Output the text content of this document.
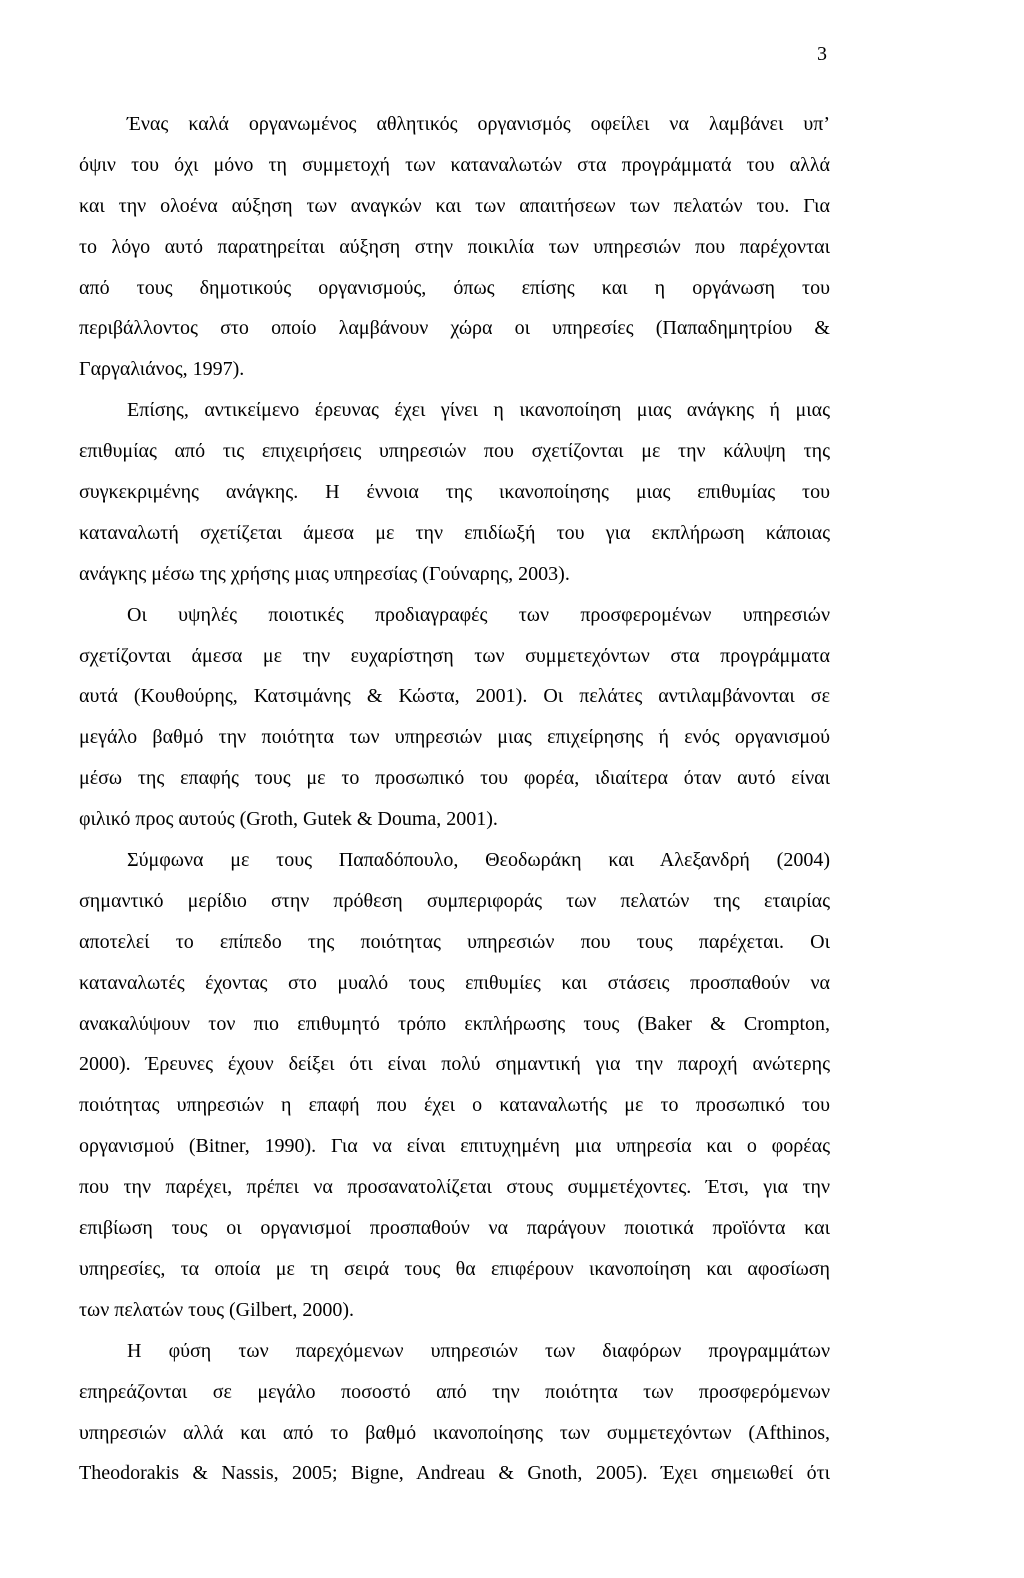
3
Ένας καλά οργανωμένος αθλητικός οργανισμός οφείλει να λαμβάνει υπ’
όψιν του όχι μόνο τη συμμετοχή των καταναλωτών στα προγράμματά του αλλά
και την ολοένα αύξηση των αναγκών και των απαιτήσεων των πελατών του. Για
το λόγο αυτό παρατηρείται αύξηση στην ποικιλία των υπηρεσιών που παρέχονται
από τους δημοτικούς οργανισμούς, όπως επίσης και η οργάνωση του
περιβάλλοντος στο οποίο λαμβάνουν χώρα οι υπηρεσίες (Παπαδημητρίου &
Γαργαλιάνος, 1997).
Επίσης, αντικείμενο έρευνας έχει γίνει η ικανοποίηση μιας ανάγκης ή μιας
επιθυμίας από τις επιχειρήσεις υπηρεσιών που σχετίζονται με την κάλυψη της
συγκεκριμένης ανάγκης. Η έννοια της ικανοποίησης μιας επιθυμίας του
καταναλωτή σχετίζεται άμεσα με την επιδίωξή του για εκπλήρωση κάποιας
ανάγκης μέσω της χρήσης μιας υπηρεσίας (Γούναρης, 2003).
Οι υψηλές ποιοτικές προδιαγραφές των προσφερομένων υπηρεσιών
σχετίζονται άμεσα με την ευχαρίστηση των συμμετεχόντων στα προγράμματα
αυτά (Κουθούρης, Κατσιμάνης & Κώστα, 2001). Οι πελάτες αντιλαμβάνονται σε
μεγάλο βαθμό την ποιότητα των υπηρεσιών μιας επιχείρησης ή ενός οργανισμού
μέσω της επαφής τους με το προσωπικό του φορέα, ιδιαίτερα όταν αυτό είναι
φιλικό προς αυτούς (Groth, Gutek & Douma, 2001).
Σύμφωνα με τους Παπαδόπουλο, Θεοδωράκη και Αλεξανδρή (2004)
σημαντικό μερίδιο στην πρόθεση συμπεριφοράς των πελατών της εταιρίας
αποτελεί το επίπεδο της ποιότητας υπηρεσιών που τους παρέχεται. Οι
καταναλωτές έχοντας στο μυαλό τους επιθυμίες και στάσεις προσπαθούν να
ανακαλύψουν τον πιο επιθυμητό τρόπο εκπλήρωσης τους (Baker & Crompton,
2000). Έρευνες έχουν δείξει ότι είναι πολύ σημαντική για την παροχή ανώτερης
ποιότητας υπηρεσιών η επαφή που έχει ο καταναλωτής με το προσωπικό του
οργανισμού (Bitner, 1990). Για να είναι επιτυχημένη μια υπηρεσία και ο φορέας
που την παρέχει, πρέπει να προσανατολίζεται στους συμμετέχοντες. Έτσι, για την
επιβίωση τους οι οργανισμοί προσπαθούν να παράγουν ποιοτικά προϊόντα και
υπηρεσίες, τα οποία με τη σειρά τους θα επιφέρουν ικανοποίηση και αφοσίωση
των πελατών τους (Gilbert, 2000).
Η φύση των παρεχόμενων υπηρεσιών των διαφόρων προγραμμάτων
επηρεάζονται σε μεγάλο ποσοστό από την ποιότητα των προσφερόμενων
υπηρεσιών αλλά και από το βαθμό ικανοποίησης των συμμετεχόντων (Afthinos,
Theodorakis & Nassis, 2005; Bigne, Andreau & Gnoth, 2005). Έχει σημειωθεί ότι
